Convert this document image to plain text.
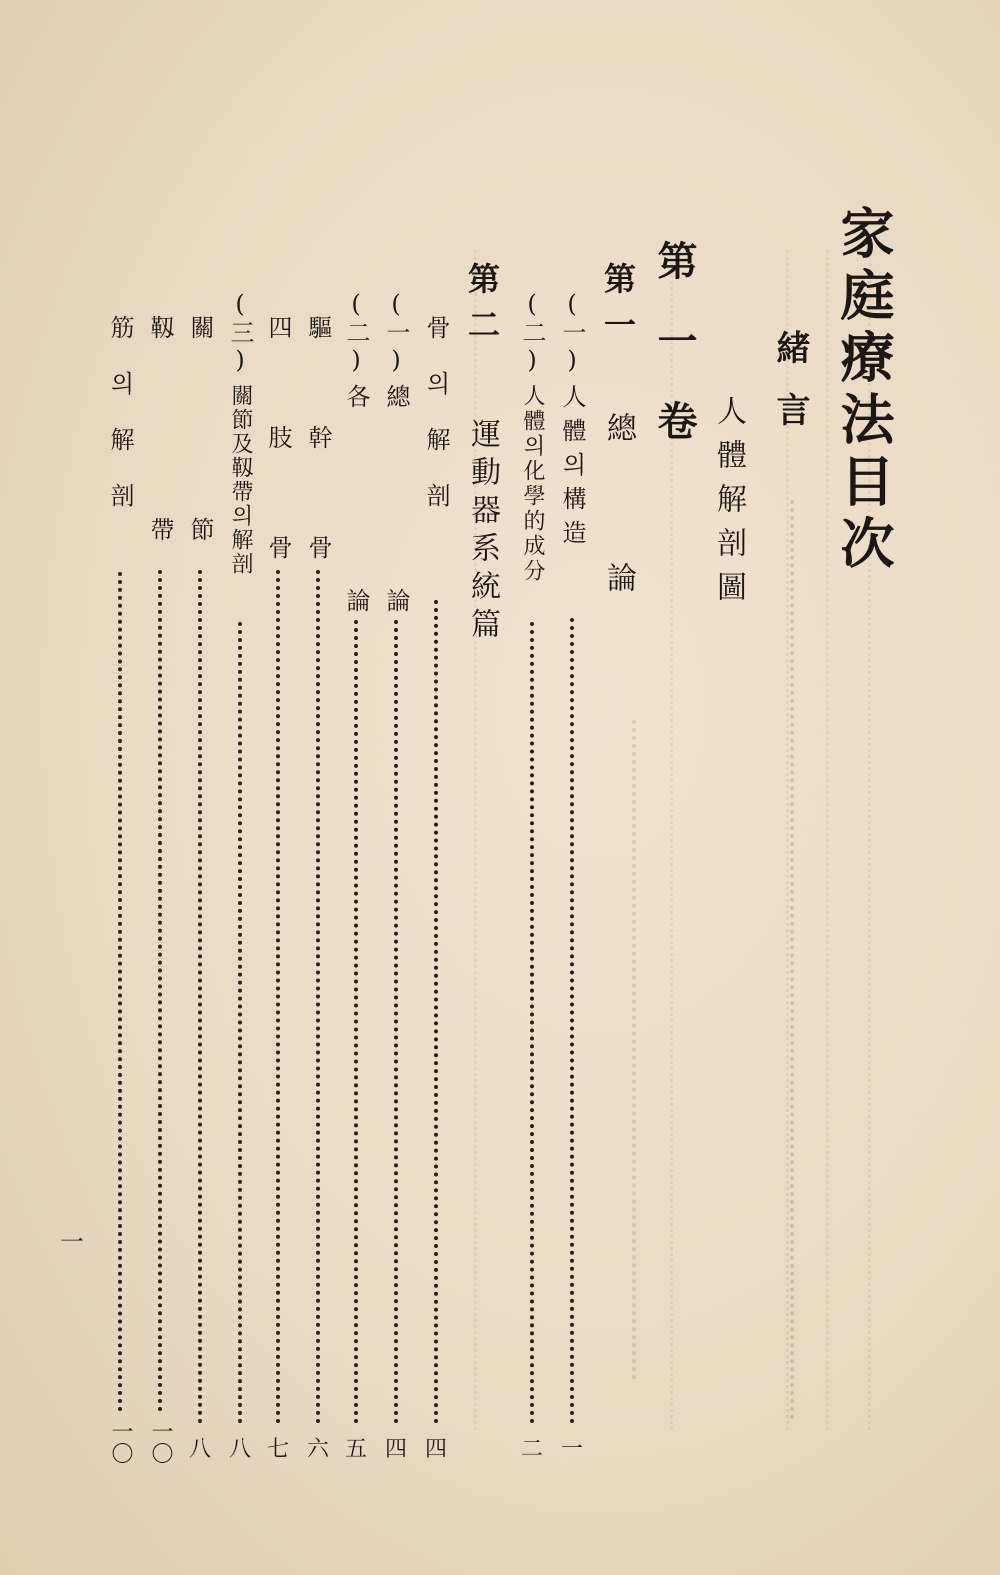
家庭療法目次
緒言
人體解剖圖
第一卷
第一
總論
(一)
人體의構造
一
(二)
人體의化學的成分
二
第二
運動器系統篇
骨의解剖
四
(一)
總論
四
(二)
各論
五
驅幹骨
六
四肢骨
七
(三)
關節及靱帶의解剖
八
關節
八
靱帶
一〇
筋의解剖
一〇
一
